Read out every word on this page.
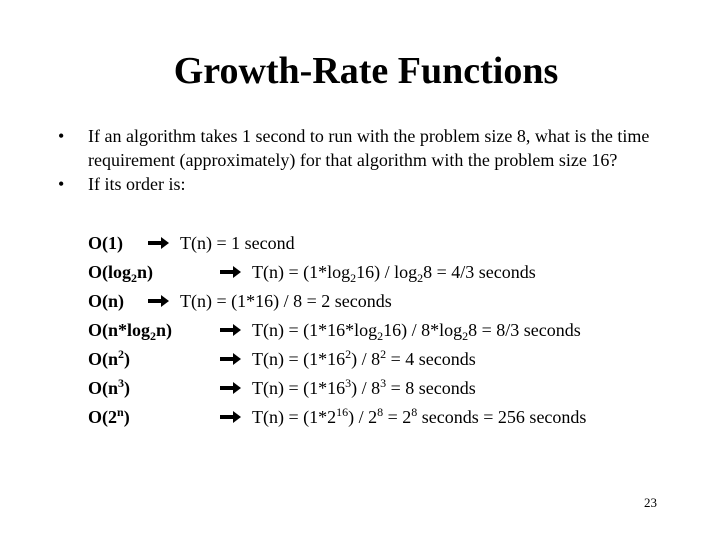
Growth-Rate Functions
•	If an algorithm takes 1 second to run with the problem size 8, what is the time requirement (approximately) for that algorithm with the problem size 16?
•	If its order is:
O(1)	T(n) = 1 second
$O(\log_2n)$	$T(n) = (1*\log_216) / \log_28 = 4/3$ seconds
O(n)	T(n) = (1*16) / 8 = 2 seconds
$O(n*\log_2n)$	$T(n) = (1*16*\log_216) / 8*\log_28 = 8/3$ seconds
$O(n^2)$	$T(n) = (1*16^2) / 8^2 = 4$ seconds
$O(n^3)$	$T(n) = (1*16^3) / 8^3 = 8$ seconds
O(2$^n$)	$T(n) = (1*2^{16}) / 2^8 = 2^8$ seconds = 256 seconds
23
